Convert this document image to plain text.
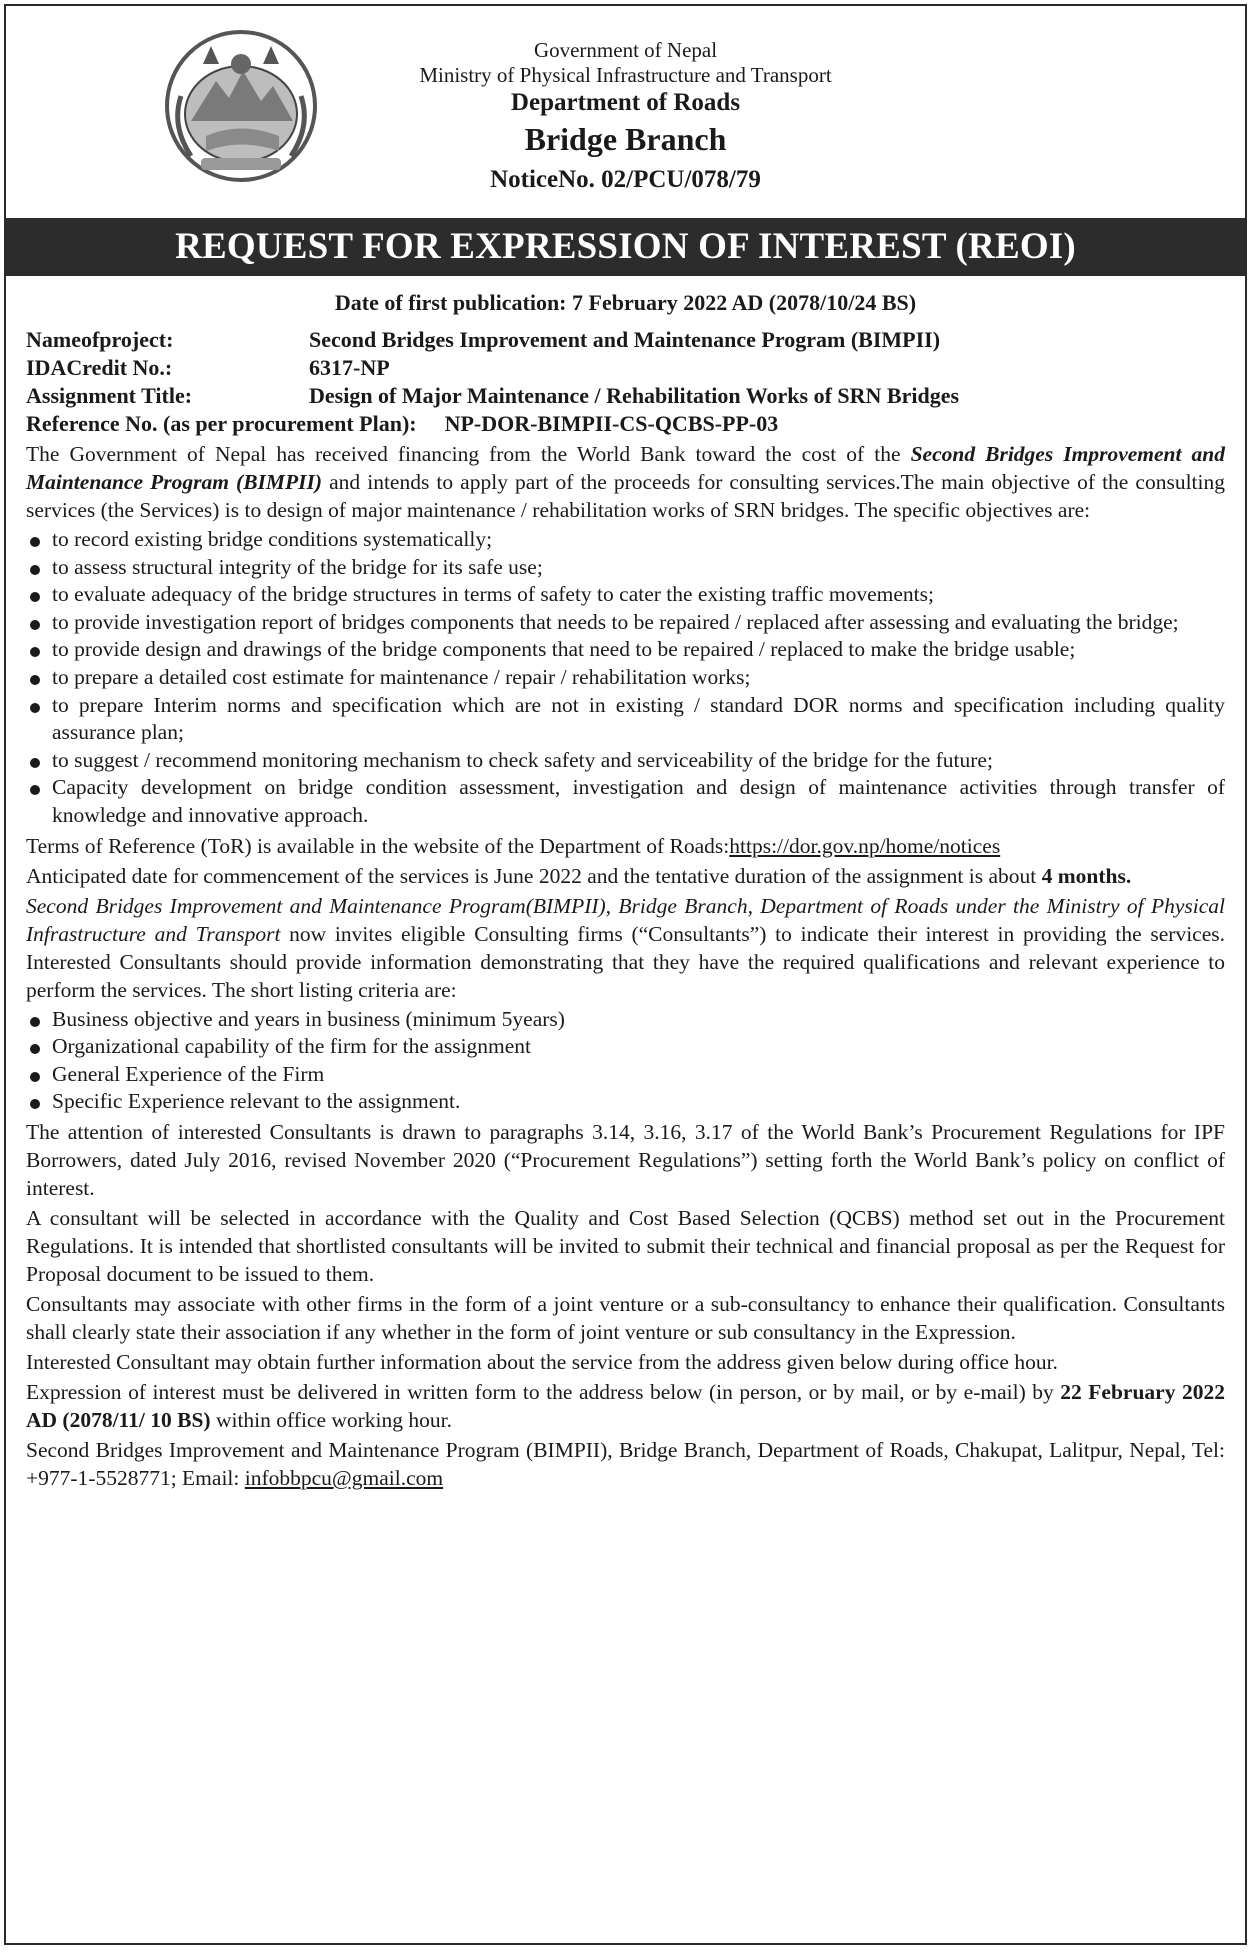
Government of Nepal
Ministry of Physical Infrastructure and Transport
Department of Roads
Bridge Branch
NoticeNo. 02/PCU/078/79
REQUEST FOR EXPRESSION OF INTEREST (REOI)
Date of first publication: 7 February 2022 AD (2078/10/24 BS)
Nameofproject:	Second Bridges Improvement and Maintenance Program (BIMPII)
IDACredit No.:	6317-NP
Assignment Title:	Design of Major Maintenance / Rehabilitation Works of SRN Bridges
Reference No. (as per procurement Plan): NP-DOR-BIMPII-CS-QCBS-PP-03

The Government of Nepal has received financing from the World Bank toward the cost of the Second Bridges Improvement and Maintenance Program (BIMPII) and intends to apply part of the proceeds for consulting services.The main objective of the consulting services (the Services) is to design of major maintenance / rehabilitation works of SRN bridges. The specific objectives are:

to record existing bridge conditions systematically;
to assess structural integrity of the bridge for its safe use;
to evaluate adequacy of the bridge structures in terms of safety to cater the existing traffic movements;
to provide investigation report of bridges components that needs to be repaired / replaced after assessing and evaluating the bridge;
to provide design and drawings of the bridge components that need to be repaired / replaced to make the bridge usable;
to prepare a detailed cost estimate for maintenance / repair / rehabilitation works;
to prepare Interim norms and specification which are not in existing / standard DOR norms and specification including quality assurance plan;
to suggest / recommend monitoring mechanism to check safety and serviceability of the bridge for the future;
Capacity development on bridge condition assessment, investigation and design of maintenance activities through transfer of knowledge and innovative approach.

Terms of Reference (ToR) is available in the website of the Department of Roads:https://dor.gov.np/home/notices

Anticipated date for commencement of the services is June 2022 and the tentative duration of the assignment is about 4 months.

Second Bridges Improvement and Maintenance Program(BIMPII), Bridge Branch, Department of Roads under the Ministry of Physical Infrastructure and Transport now invites eligible Consulting firms (“Consultants”) to indicate their interest in providing the services. Interested Consultants should provide information demonstrating that they have the required qualifications and relevant experience to perform the services. The short listing criteria are:

Business objective and years in business (minimum 5years)
Organizational capability of the firm for the assignment
General Experience of the Firm
Specific Experience relevant to the assignment.

The attention of interested Consultants is drawn to paragraphs 3.14, 3.16, 3.17 of the World Bank’s Procurement Regulations for IPF Borrowers, dated July 2016, revised November 2020 (“Procurement Regulations”) setting forth the World Bank’s policy on conflict of interest.

A consultant will be selected in accordance with the Quality and Cost Based Selection (QCBS) method set out in the Procurement Regulations. It is intended that shortlisted consultants will be invited to submit their technical and financial proposal as per the Request for Proposal document to be issued to them.

Consultants may associate with other firms in the form of a joint venture or a sub-consultancy to enhance their qualification. Consultants shall clearly state their association if any whether in the form of joint venture or sub consultancy in the Expression.

Interested Consultant may obtain further information about the service from the address given below during office hour.

Expression of interest must be delivered in written form to the address below (in person, or by mail, or by e-mail) by 22 February 2022 AD (2078/11/ 10 BS) within office working hour.

Second Bridges Improvement and Maintenance Program (BIMPII), Bridge Branch, Department of Roads, Chakupat, Lalitpur, Nepal, Tel: +977-1-5528771; Email: infobbpcu@gmail.com
